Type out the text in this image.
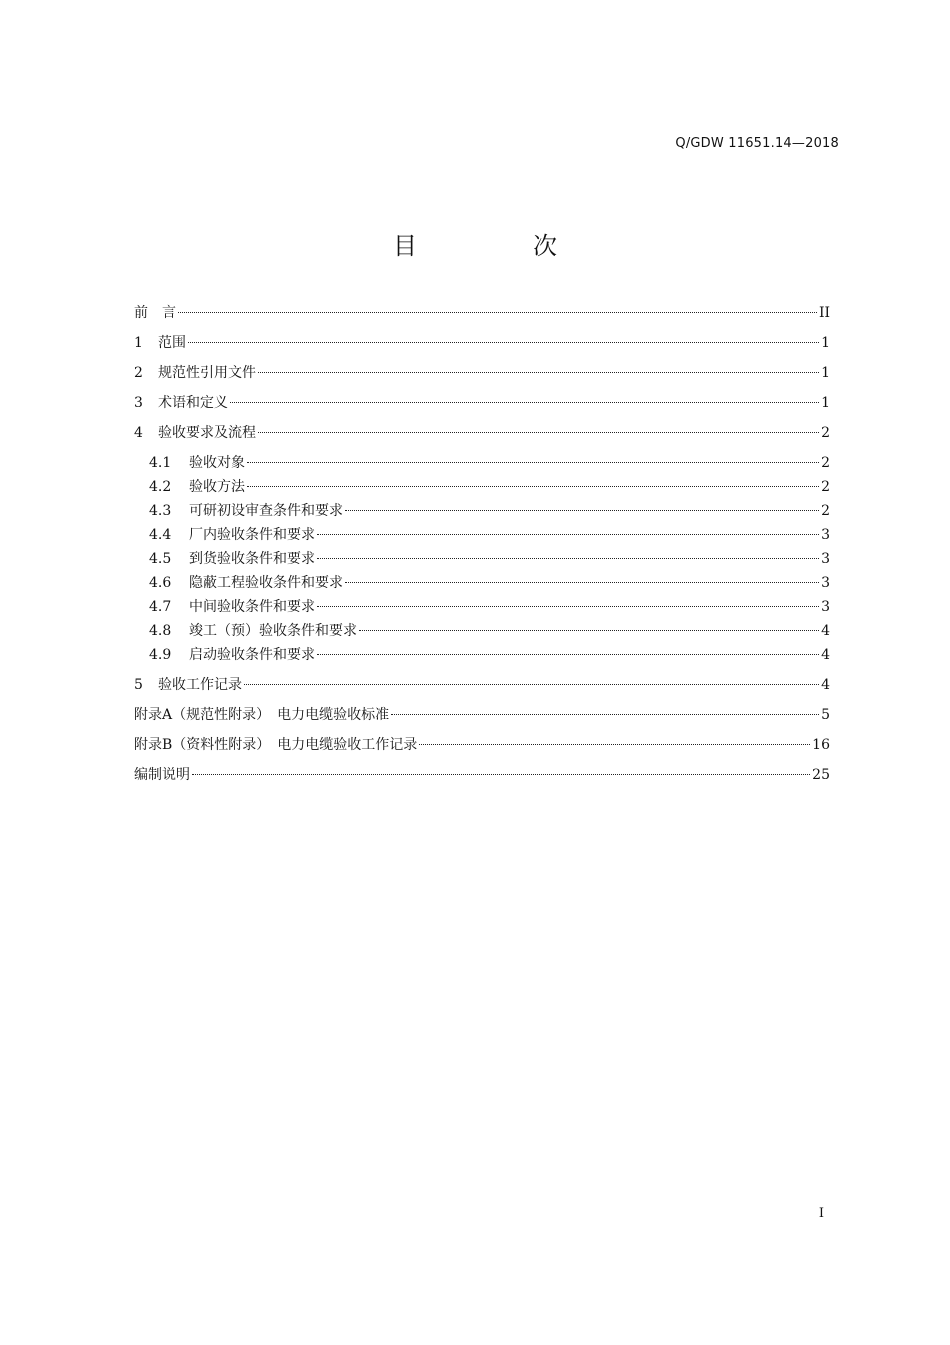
Q/GDW 11651.14—2018
目　次
前　言	II
1	范围	1
2	规范性引用文件	1
3	术语和定义	1
4	验收要求及流程	2
4.1	验收对象	2
4.2	验收方法	2
4.3	可研初设审查条件和要求	2
4.4	厂内验收条件和要求	3
4.5	到货验收条件和要求	3
4.6	隐蔽工程验收条件和要求	3
4.7	中间验收条件和要求	3
4.8	竣工（预）验收条件和要求	4
4.9	启动验收条件和要求	4
5	验收工作记录	4
附录A（规范性附录）　电力电缆验收标准	5
附录B（资料性附录）　电力电缆验收工作记录	16
编制说明	25
I
